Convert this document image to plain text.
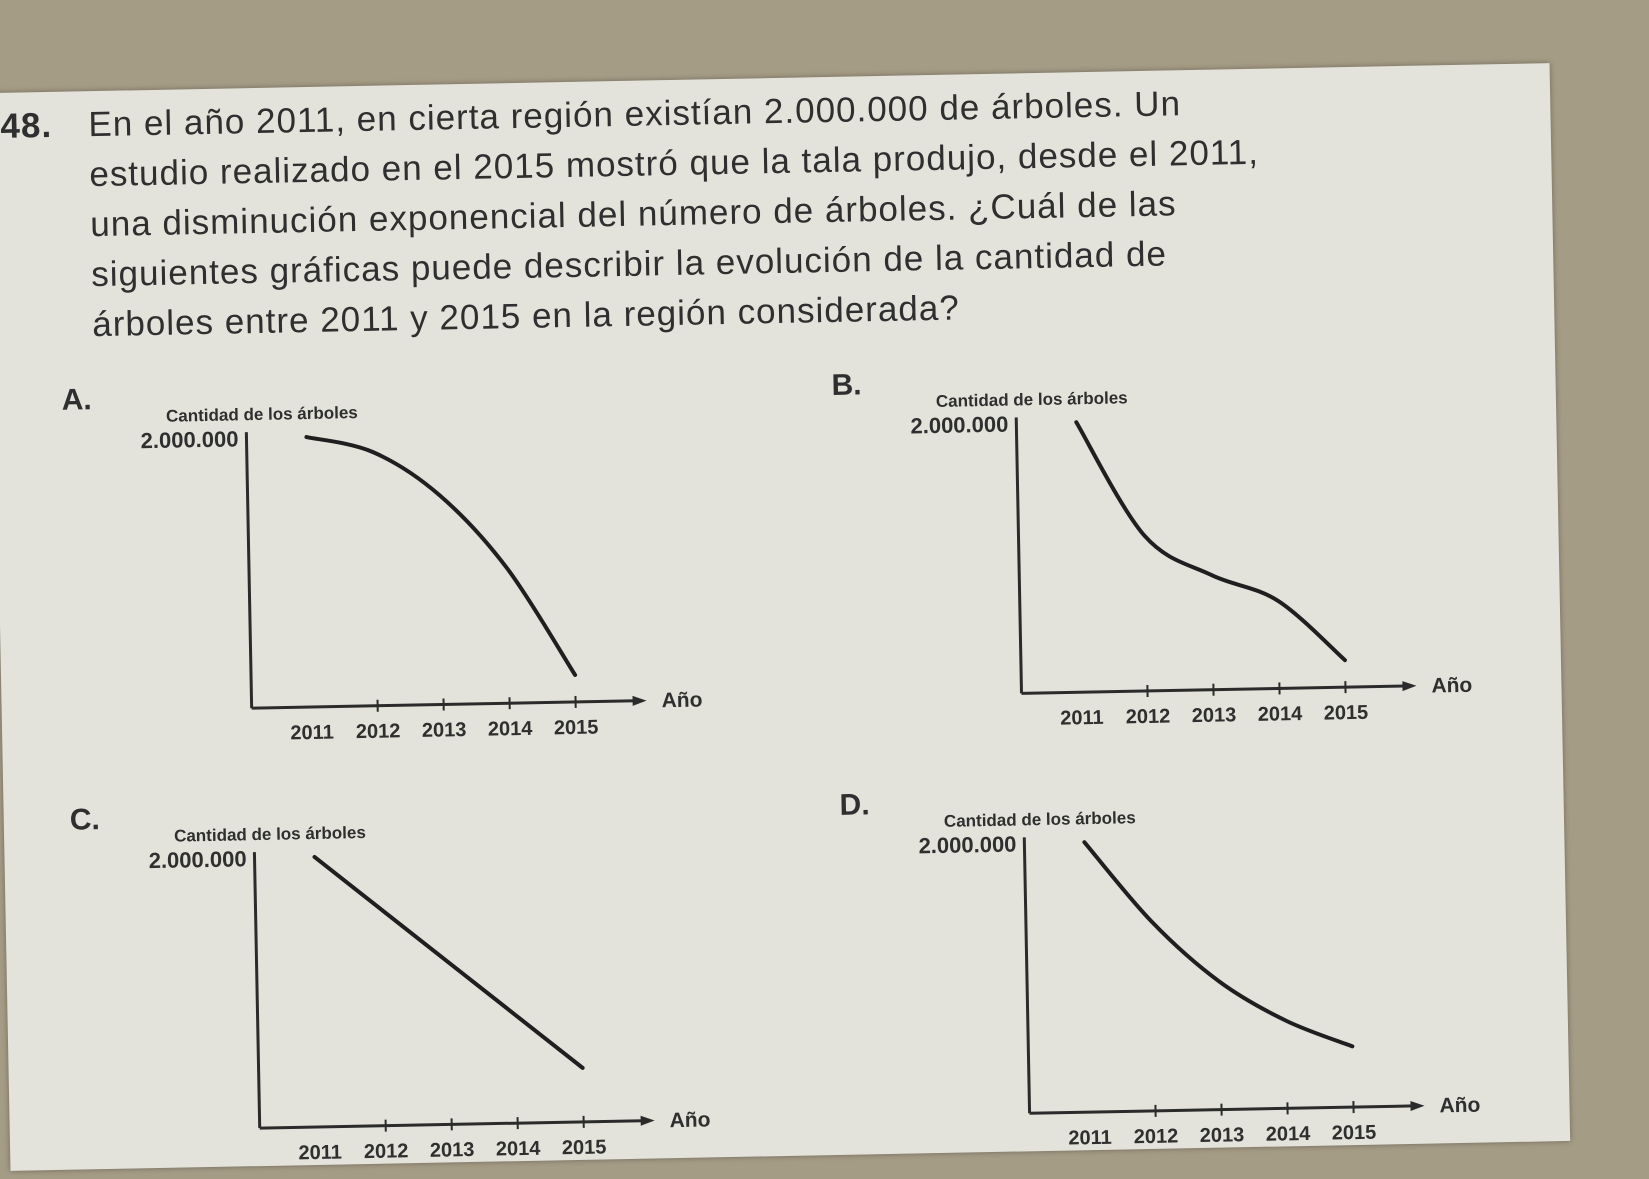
48. En el año 2011, en cierta región existían 2.000.000 de árboles. Un
estudio realizado en el 2015 mostró que la tala produjo, desde el 2011,
una disminución exponencial del número de árboles. ¿Cuál de las
siguientes gráficas puede describir la evolución de la cantidad de
árboles entre 2011 y 2015 en la región considerada?
A.	Cantidad de los árboles
2.000.000
Año
2011 2012 2013 2014 2015
B.	Cantidad de los árboles
2.000.000
Año
2011 2012 2013 2014 2015
C.	Cantidad de los árboles
2.000.000
Año
2011 2012 2013 2014 2015
D.	Cantidad de los árboles
2.000.000
Año
2011 2012 2013 2014 2015
